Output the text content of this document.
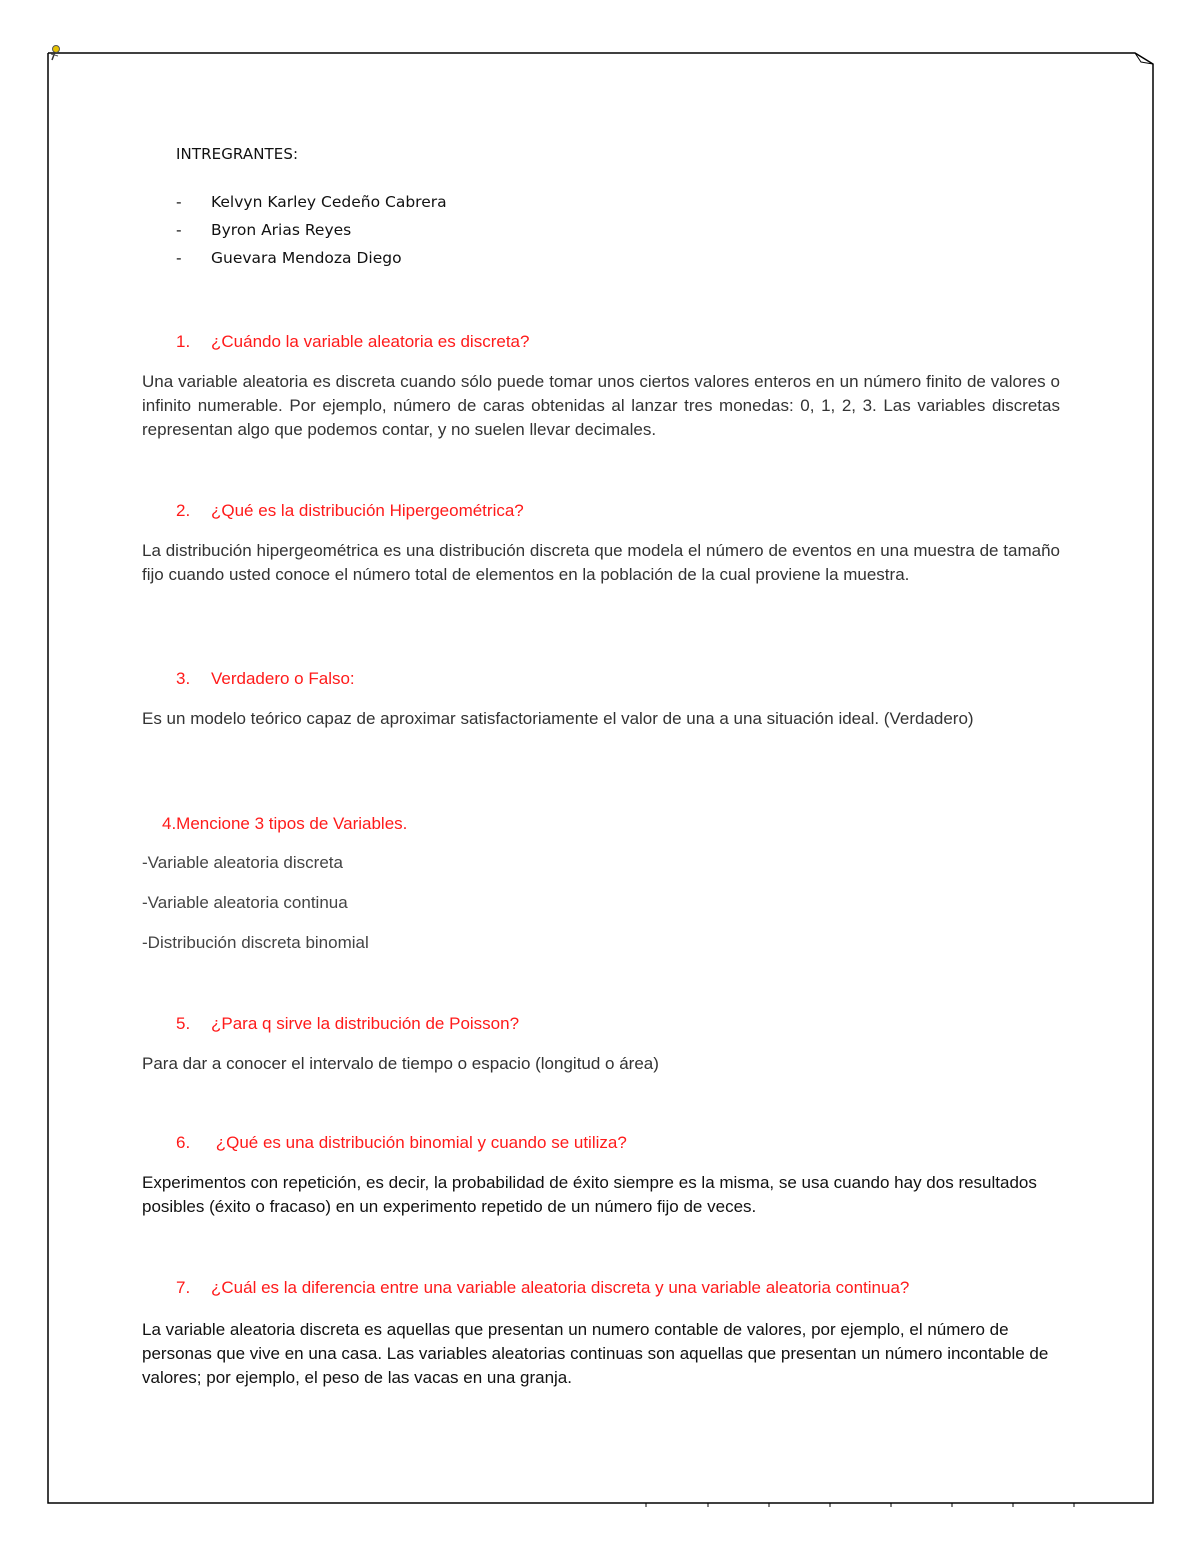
INTREGRANTES:
-	Kelvyn Karley Cedeño Cabrera
-	Byron Arias Reyes
-	Guevara Mendoza Diego
1. ¿Cuándo la variable aleatoria es discreta?
Una variable aleatoria es discreta cuando sólo puede tomar unos ciertos valores enteros en un número finito de valores o infinito numerable. Por ejemplo, número de caras obtenidas al lanzar tres monedas: 0, 1, 2, 3. Las variables discretas representan algo que podemos contar, y no suelen llevar decimales.
2. ¿Qué es la distribución Hipergeométrica?
La distribución hipergeométrica es una distribución discreta que modela el número de eventos en una muestra de tamaño fijo cuando usted conoce el número total de elementos en la población de la cual proviene la muestra.
3. Verdadero o Falso:
Es un modelo teórico capaz de aproximar satisfactoriamente el valor de una a una situación ideal. (Verdadero)
4.Mencione 3 tipos de Variables.
-Variable aleatoria discreta
-Variable aleatoria continua
-Distribución discreta binomial
5. ¿Para q sirve la distribución de Poisson?
Para dar a conocer el intervalo de tiempo o espacio (longitud o área)
6. ¿Qué es una distribución binomial y cuando se utiliza?
Experimentos con repetición, es decir, la probabilidad de éxito siempre es la misma, se usa cuando hay dos resultados posibles (éxito o fracaso) en un experimento repetido de un número fijo de veces.
7. ¿Cuál es la diferencia entre una variable aleatoria discreta y una variable aleatoria continua?
La variable aleatoria discreta es aquellas que presentan un numero contable de valores, por ejemplo, el número de personas que vive en una casa. Las variables aleatorias continuas son aquellas que presentan un número incontable de valores; por ejemplo, el peso de las vacas en una granja.
